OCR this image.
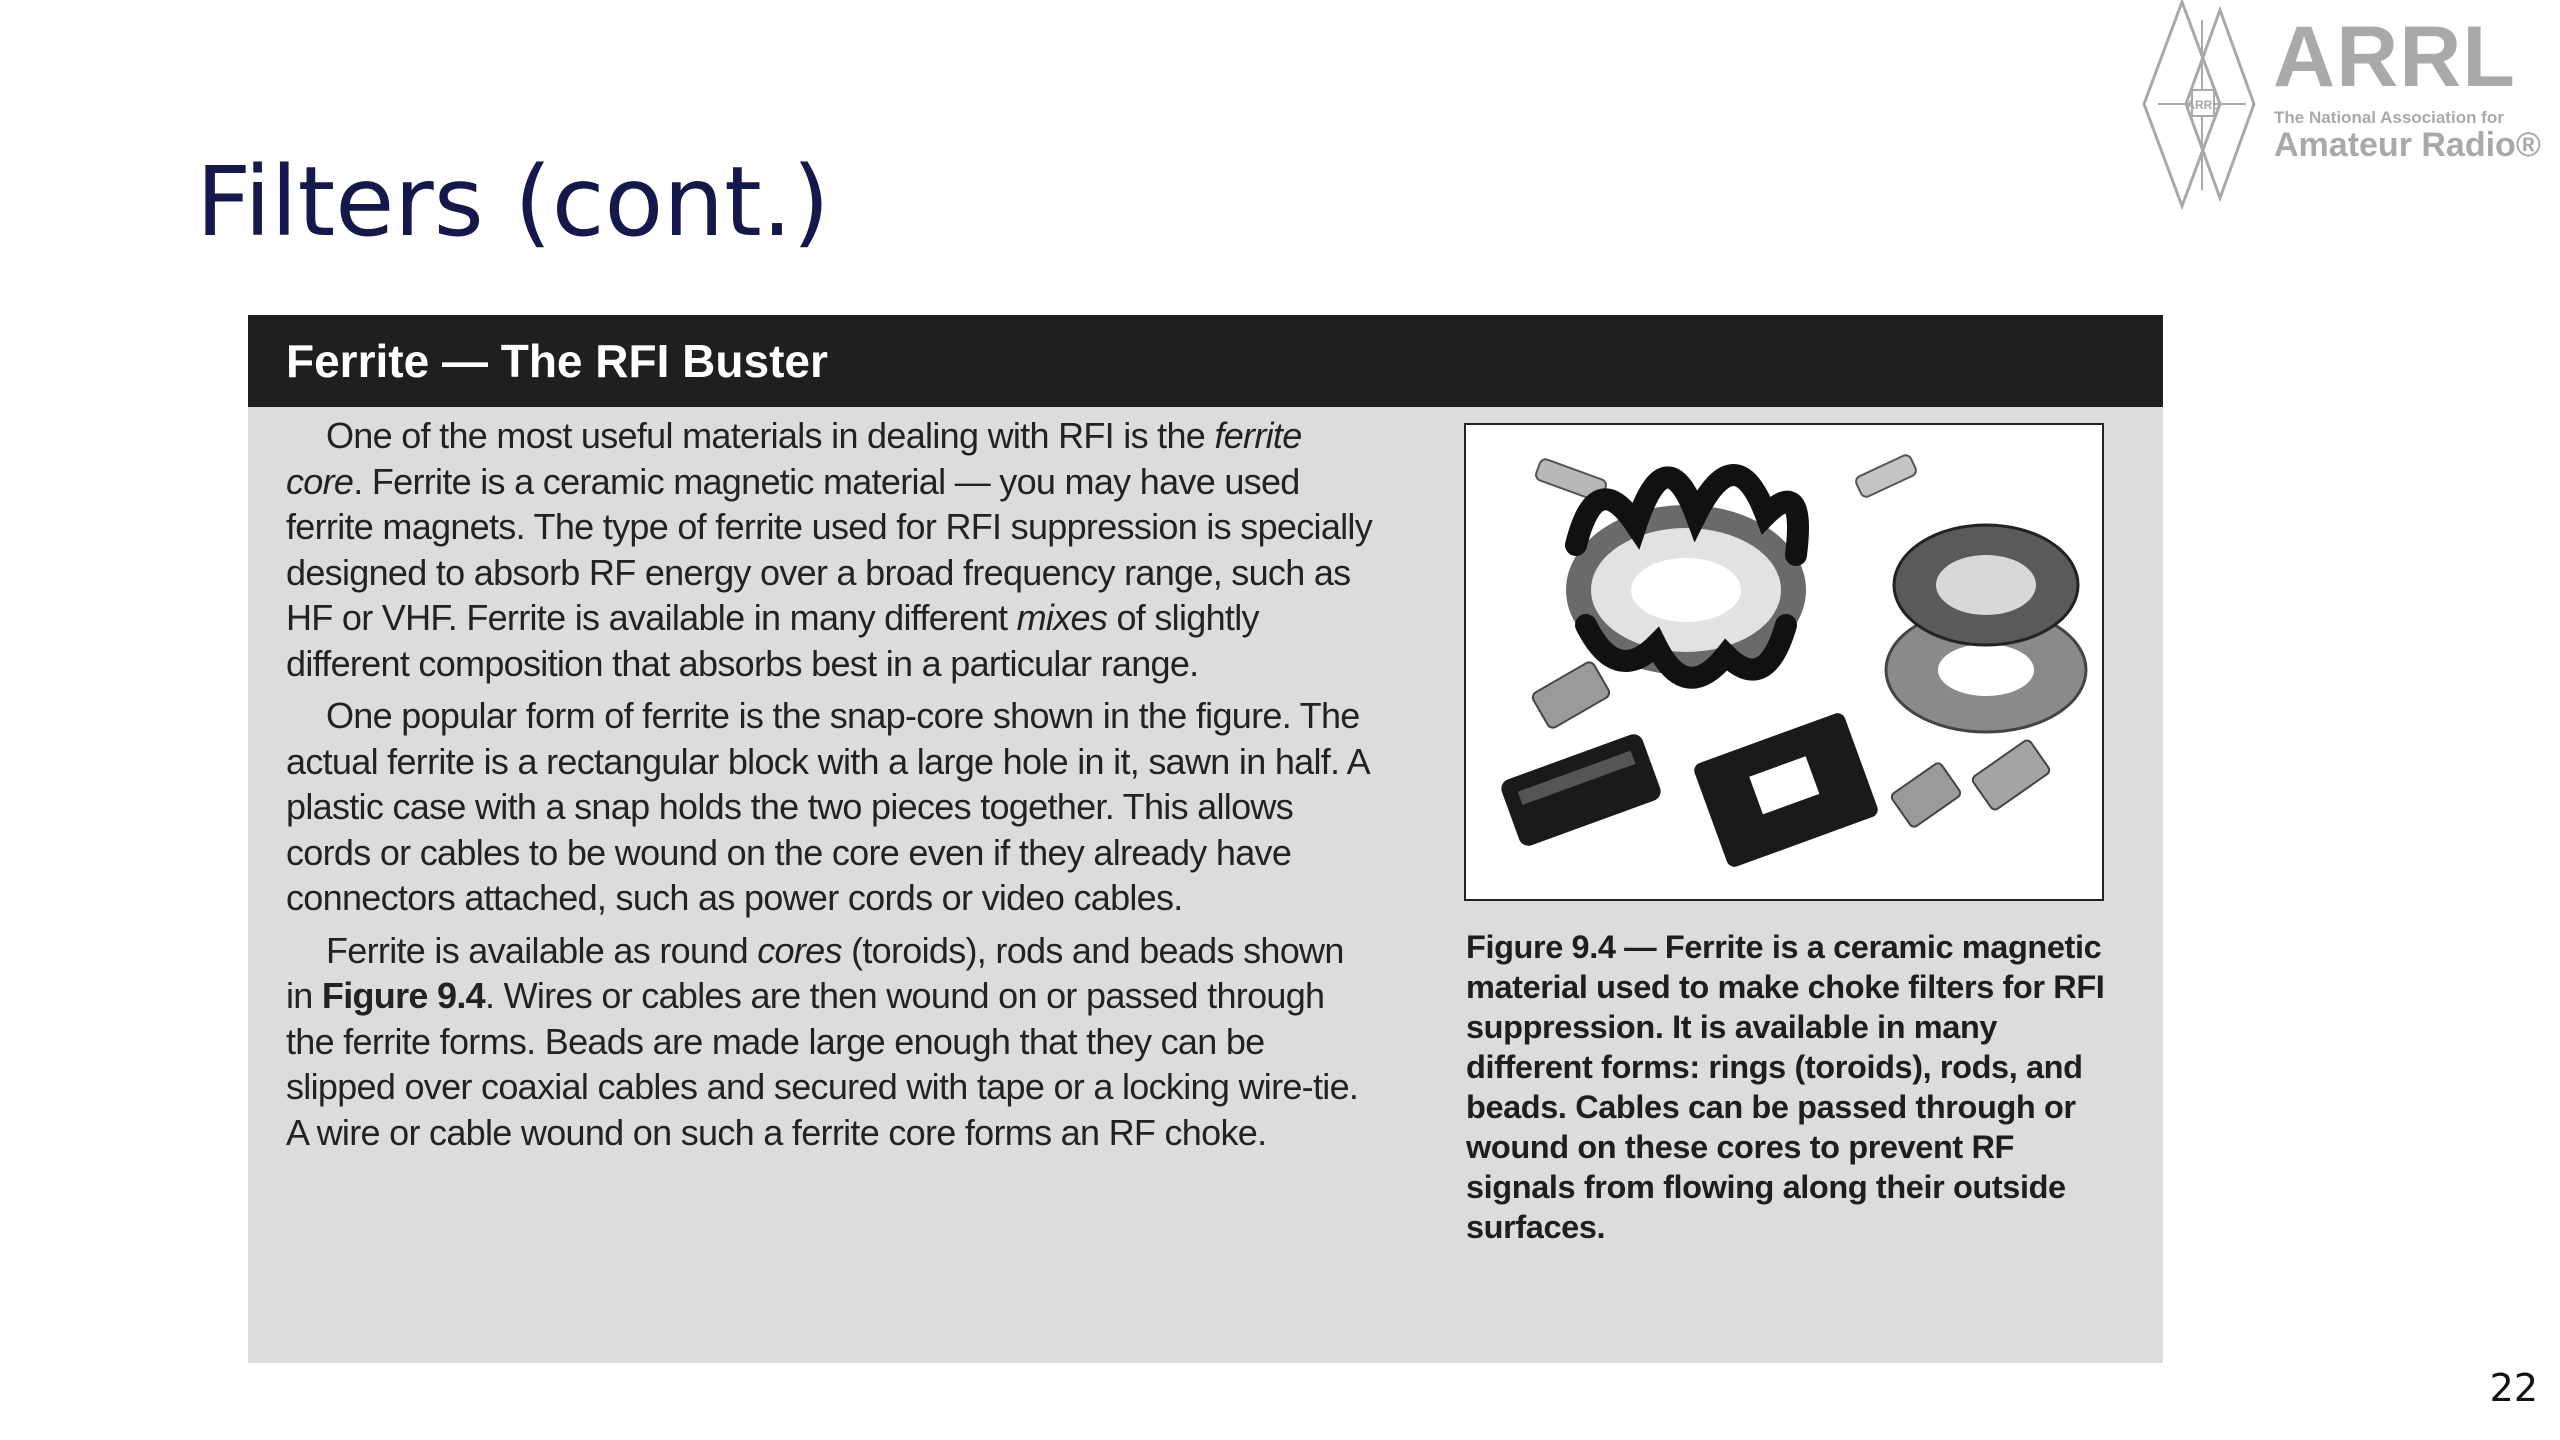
Filters (cont.)
ARRL ARRL
The National Association for
Amateur Radio®
Ferrite — The RFI Buster

One of the most useful materials in dealing with RFI is the ferrite core. Ferrite is a ceramic magnetic material — you may have used ferrite magnets. The type of ferrite used for RFI suppression is specially designed to absorb RF energy over a broad frequency range, such as HF or VHF. Ferrite is available in many different mixes of slightly different composition that absorbs best in a particular range.

One popular form of ferrite is the snap-core shown in the figure. The actual ferrite is a rectangular block with a large hole in it, sawn in half. A plastic case with a snap holds the two pieces together. This allows cords or cables to be wound on the core even if they already have connectors attached, such as power cords or video cables.

Ferrite is available as round cores (toroids), rods and beads shown in Figure 9.4. Wires or cables are then wound on or passed through the ferrite forms. Beads are made large enough that they can be slipped over coaxial cables and secured with tape or a locking wire-tie. A wire or cable wound on such a ferrite core forms an RF choke.

Figure 9.4 — Ferrite is a ceramic magnetic material used to make choke filters for RFI suppression. It is available in many different forms: rings (toroids), rods, and beads. Cables can be passed through or wound on these cores to prevent RF signals from flowing along their outside surfaces.
22
